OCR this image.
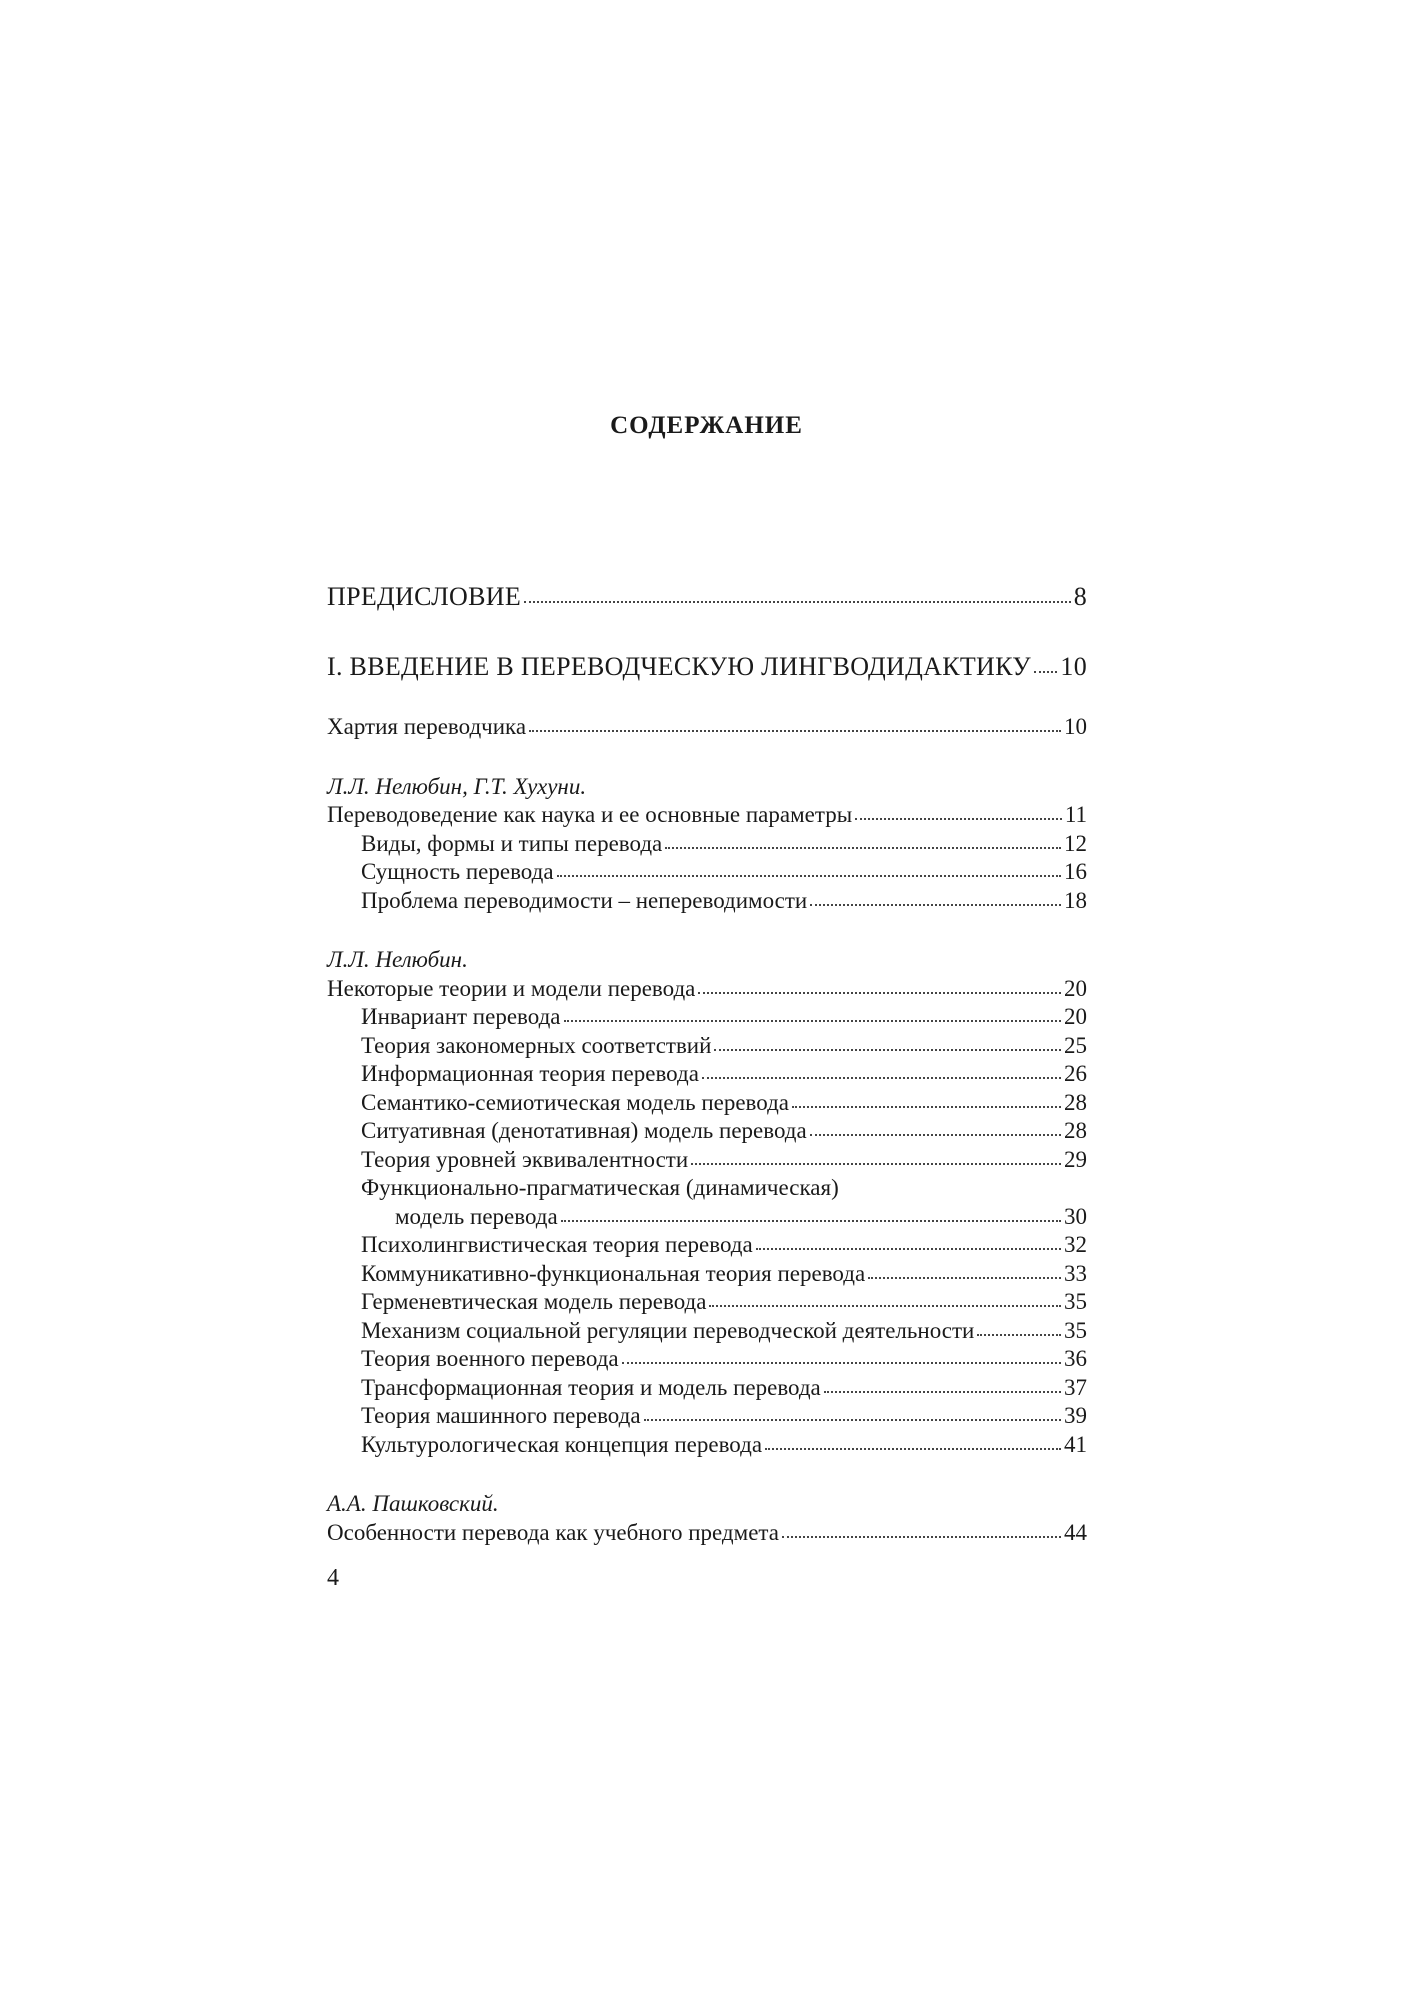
СОДЕРЖАНИЕ
ПРЕДИСЛОВИЕ	8
I. ВВЕДЕНИЕ В ПЕРЕВОДЧЕСКУЮ ЛИНГВОДИДАКТИКУ 10
Хартия переводчика	10
Л.Л. Нелюбин, Г.Т. Хухуни.
Переводоведение как наука и ее основные параметры	11
Виды, формы и типы перевода	12
Сущность перевода	16
Проблема переводимости – непереводимости	18
Л.Л. Нелюбин.
Некоторые теории и модели перевода	20
Инвариант перевода	20
Теория закономерных соответствий	25
Информационная теория перевода	26
Семантико-семиотическая модель перевода	28
Ситуативная (денотативная) модель перевода	28
Теория уровней эквивалентности	29
Функционально-прагматическая (динамическая)
модель перевода	30
Психолингвистическая теория перевода	32
Коммуникативно-функциональная теория перевода	33
Герменевтическая модель перевода	35
Механизм социальной регуляции переводческой деятельности	35
Теория военного перевода	36
Трансформационная теория и модель перевода	37
Теория машинного перевода	39
Культурологическая концепция перевода	41
А.А. Пашковский.
Особенности перевода как учебного предмета	44
4
